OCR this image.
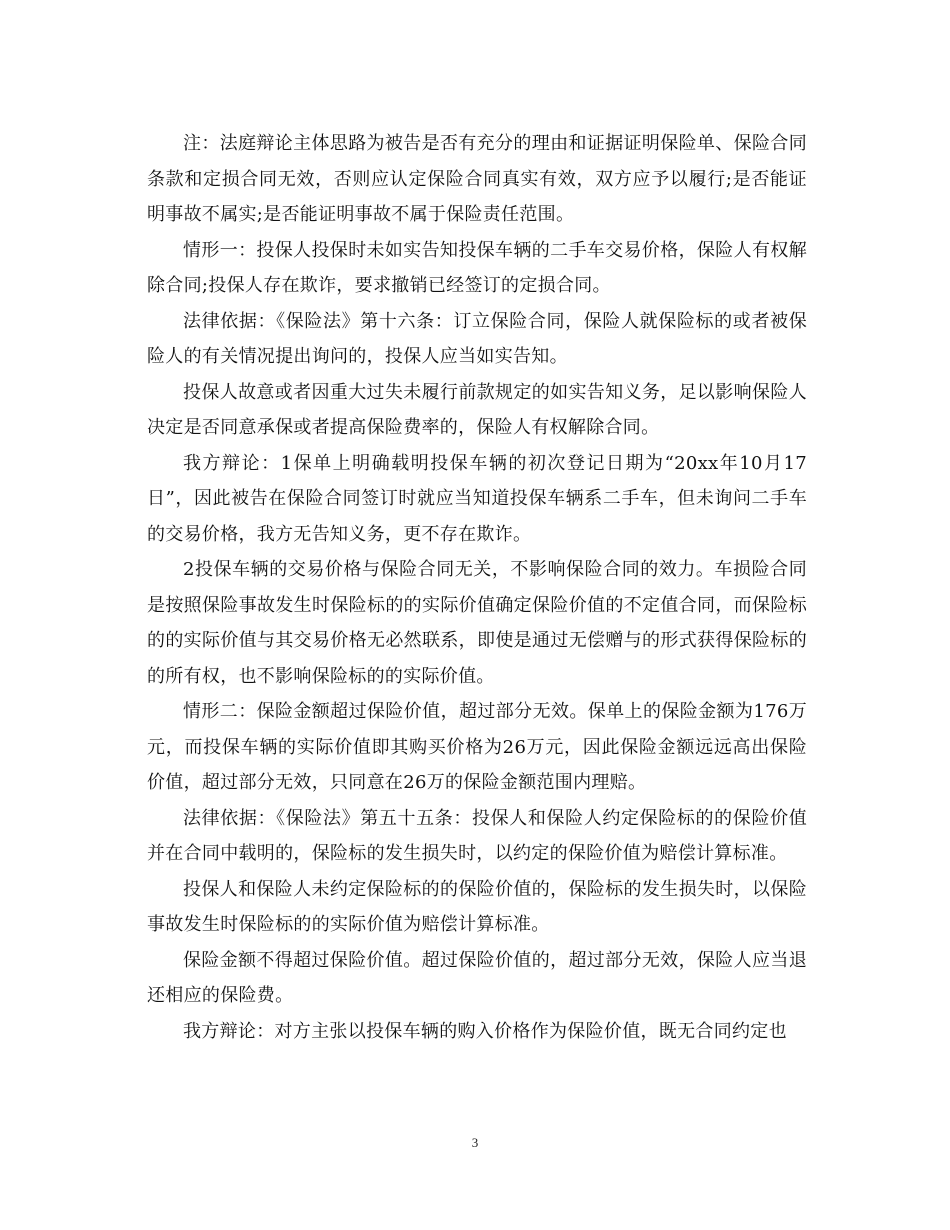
注：法庭辩论主体思路为被告是否有充分的理由和证据证明保险单、保险合同条款和定损合同无效，否则应认定保险合同真实有效，双方应予以履行;是否能证明事故不属实;是否能证明事故不属于保险责任范围。

情形一：投保人投保时未如实告知投保车辆的二手车交易价格，保险人有权解除合同;投保人存在欺诈，要求撤销已经签订的定损合同。

法律依据：《保险法》第十六条：订立保险合同，保险人就保险标的或者被保险人的有关情况提出询问的，投保人应当如实告知。

投保人故意或者因重大过失未履行前款规定的如实告知义务，足以影响保险人决定是否同意承保或者提高保险费率的，保险人有权解除合同。

我方辩论：1保单上明确载明投保车辆的初次登记日期为“20xx年10月17日”，因此被告在保险合同签订时就应当知道投保车辆系二手车，但未询问二手车的交易价格，我方无告知义务，更不存在欺诈。

2投保车辆的交易价格与保险合同无关，不影响保险合同的效力。车损险合同是按照保险事故发生时保险标的的实际价值确定保险价值的不定值合同，而保险标的的实际价值与其交易价格无必然联系，即使是通过无偿赠与的形式获得保险标的的所有权，也不影响保险标的的实际价值。

情形二：保险金额超过保险价值，超过部分无效。保单上的保险金额为176万元，而投保车辆的实际价值即其购买价格为26万元，因此保险金额远远高出保险价值，超过部分无效，只同意在26万的保险金额范围内理赔。

法律依据：《保险法》第五十五条：投保人和保险人约定保险标的的保险价值并在合同中载明的，保险标的发生损失时，以约定的保险价值为赔偿计算标准。

投保人和保险人未约定保险标的的保险价值的，保险标的发生损失时，以保险事故发生时保险标的的实际价值为赔偿计算标准。

保险金额不得超过保险价值。超过保险价值的，超过部分无效，保险人应当退还相应的保险费。

我方辩论：对方主张以投保车辆的购入价格作为保险价值，既无合同约定也

3
